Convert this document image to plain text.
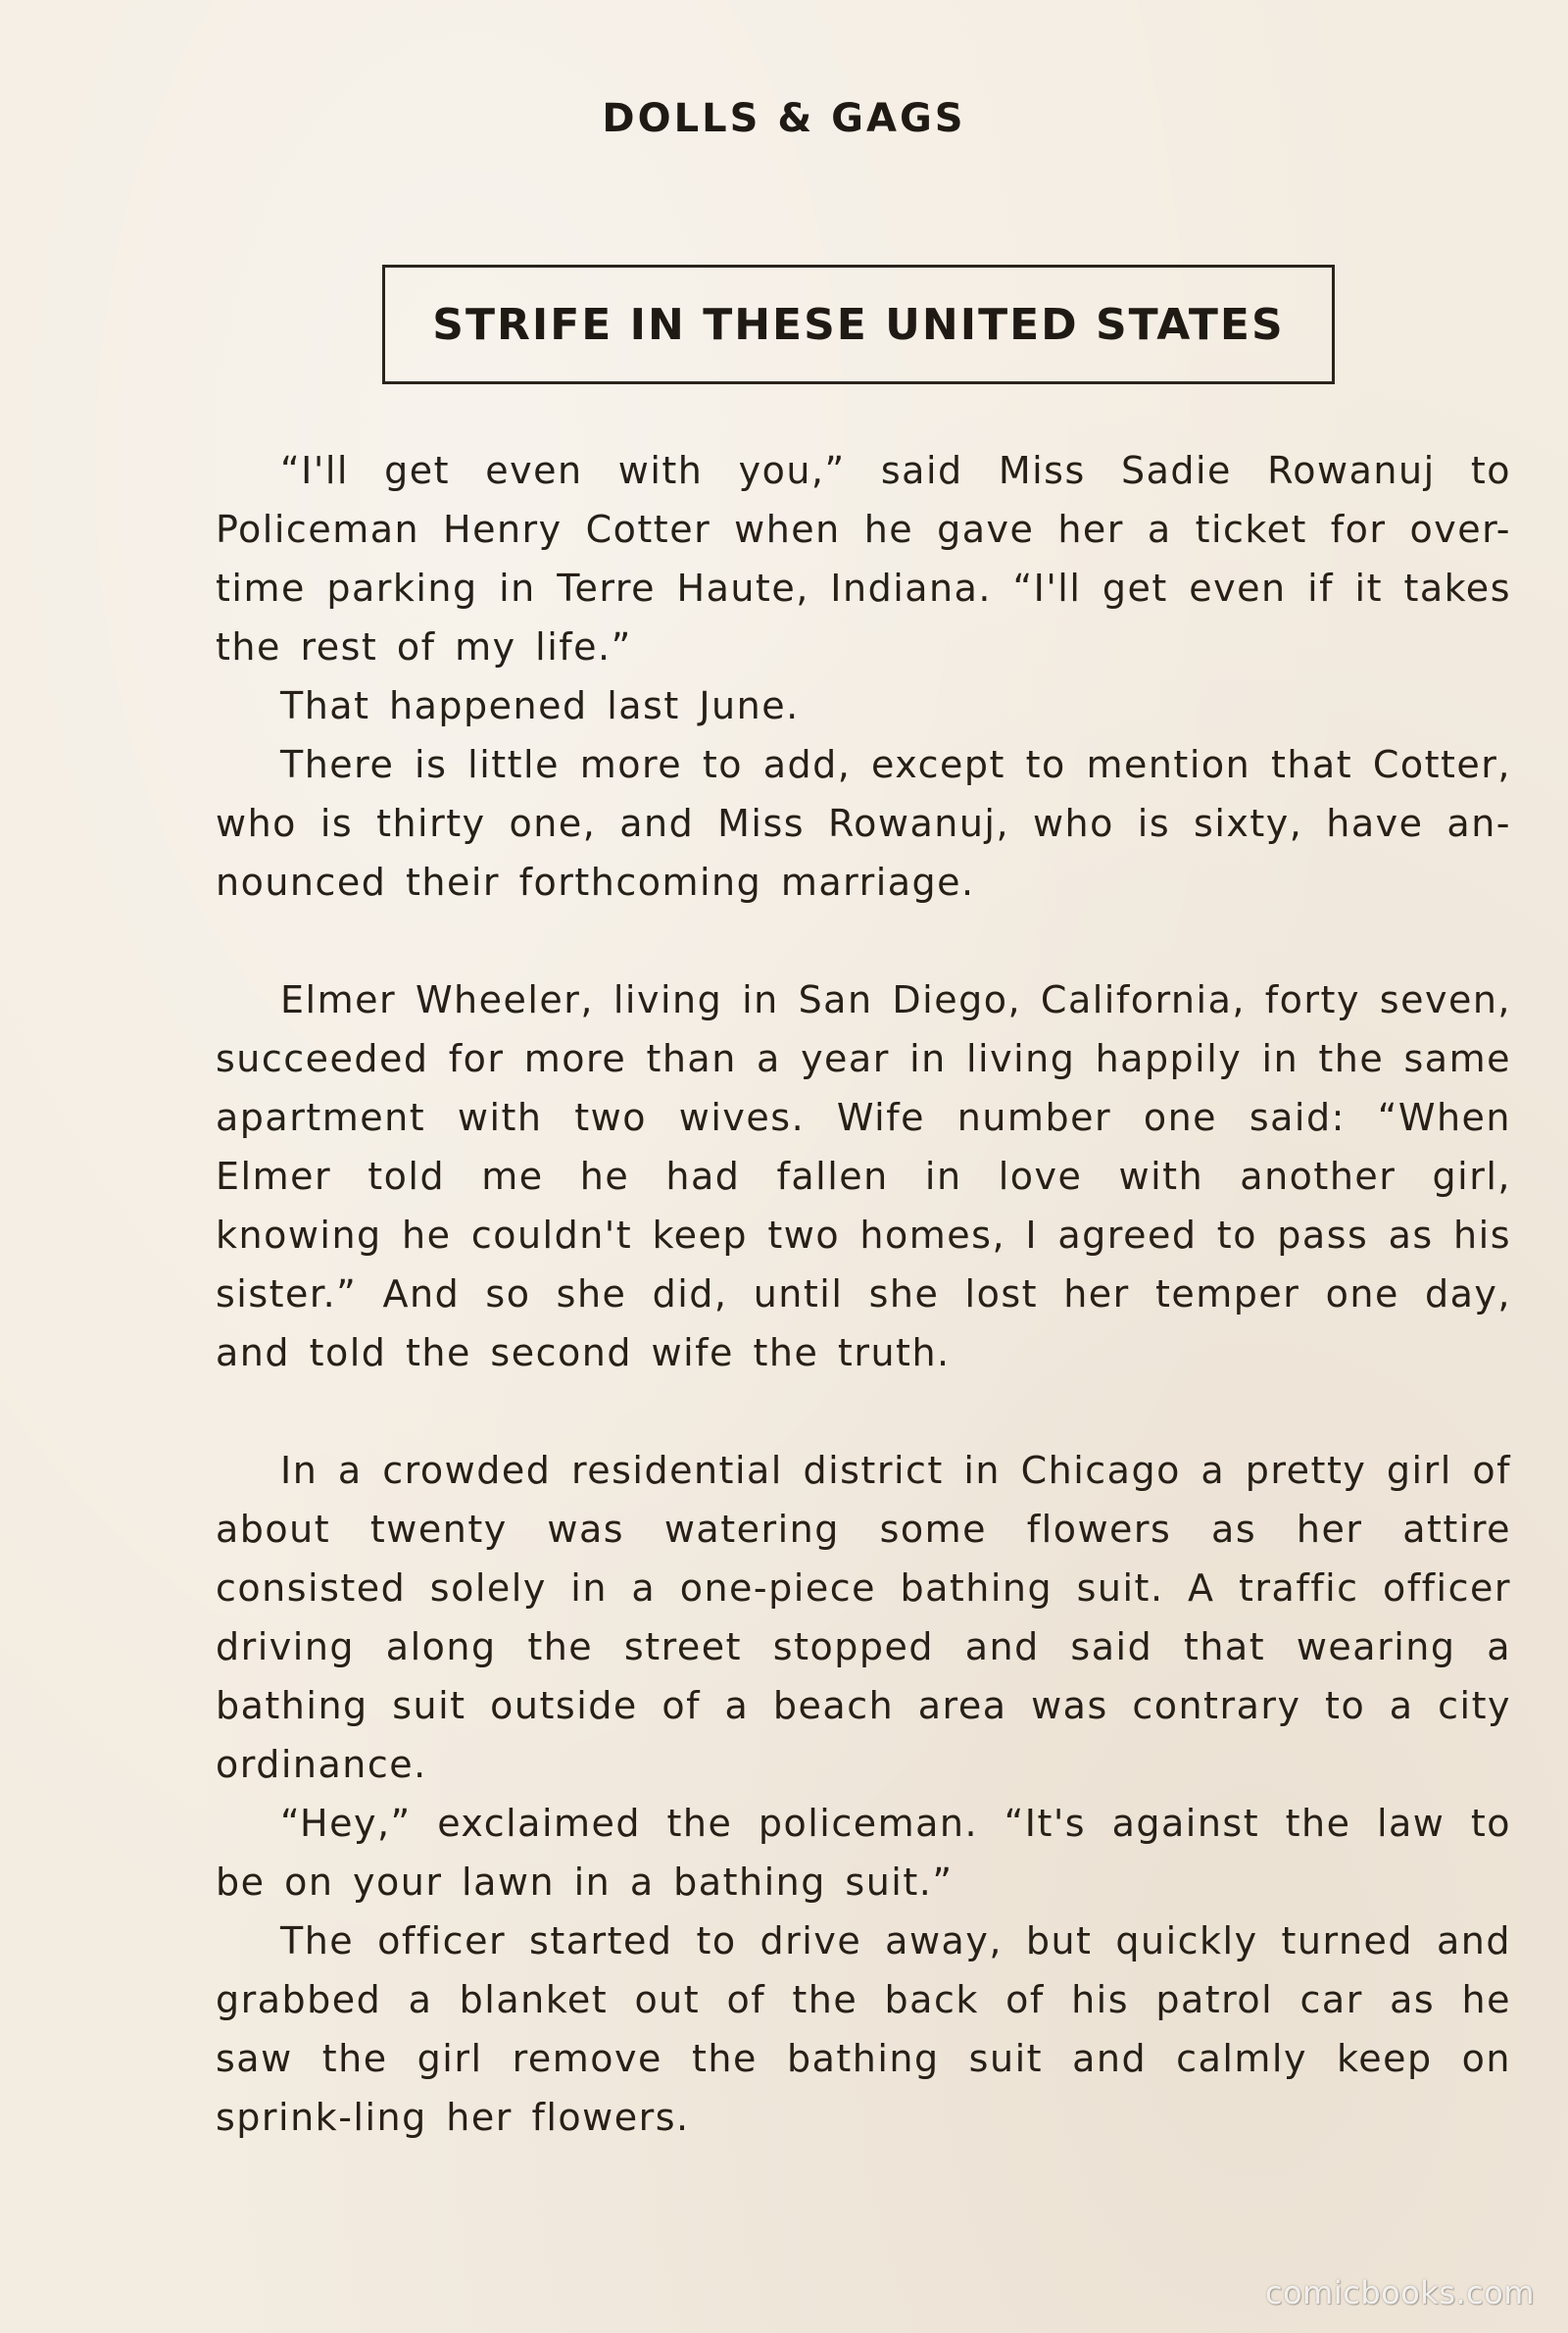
DOLLS & GAGS
STRIFE IN THESE UNITED STATES

“I'll get even with you,” said Miss Sadie Rowanuj to Policeman Henry Cotter when he gave her a ticket for over-time parking in Terre Haute, Indiana. “I'll get even if it takes the rest of my life.”

That happened last June.

There is little more to add, except to mention that Cotter, who is thirty one, and Miss Rowanuj, who is sixty, have an-nounced their forthcoming marriage.

Elmer Wheeler, living in San Diego, California, forty seven, succeeded for more than a year in living happily in the same apartment with two wives. Wife number one said: “When Elmer told me he had fallen in love with another girl, knowing he couldn't keep two homes, I agreed to pass as his sister.” And so she did, until she lost her temper one day, and told the second wife the truth.

In a crowded residential district in Chicago a pretty girl of about twenty was watering some flowers as her attire consisted solely in a one-piece bathing suit. A traffic officer driving along the street stopped and said that wearing a bathing suit outside of a beach area was contrary to a city ordinance.

“Hey,” exclaimed the policeman. “It's against the law to be on your lawn in a bathing suit.”

The officer started to drive away, but quickly turned and grabbed a blanket out of the back of his patrol car as he saw the girl remove the bathing suit and calmly keep on sprink-ling her flowers.

comicbooks.com
